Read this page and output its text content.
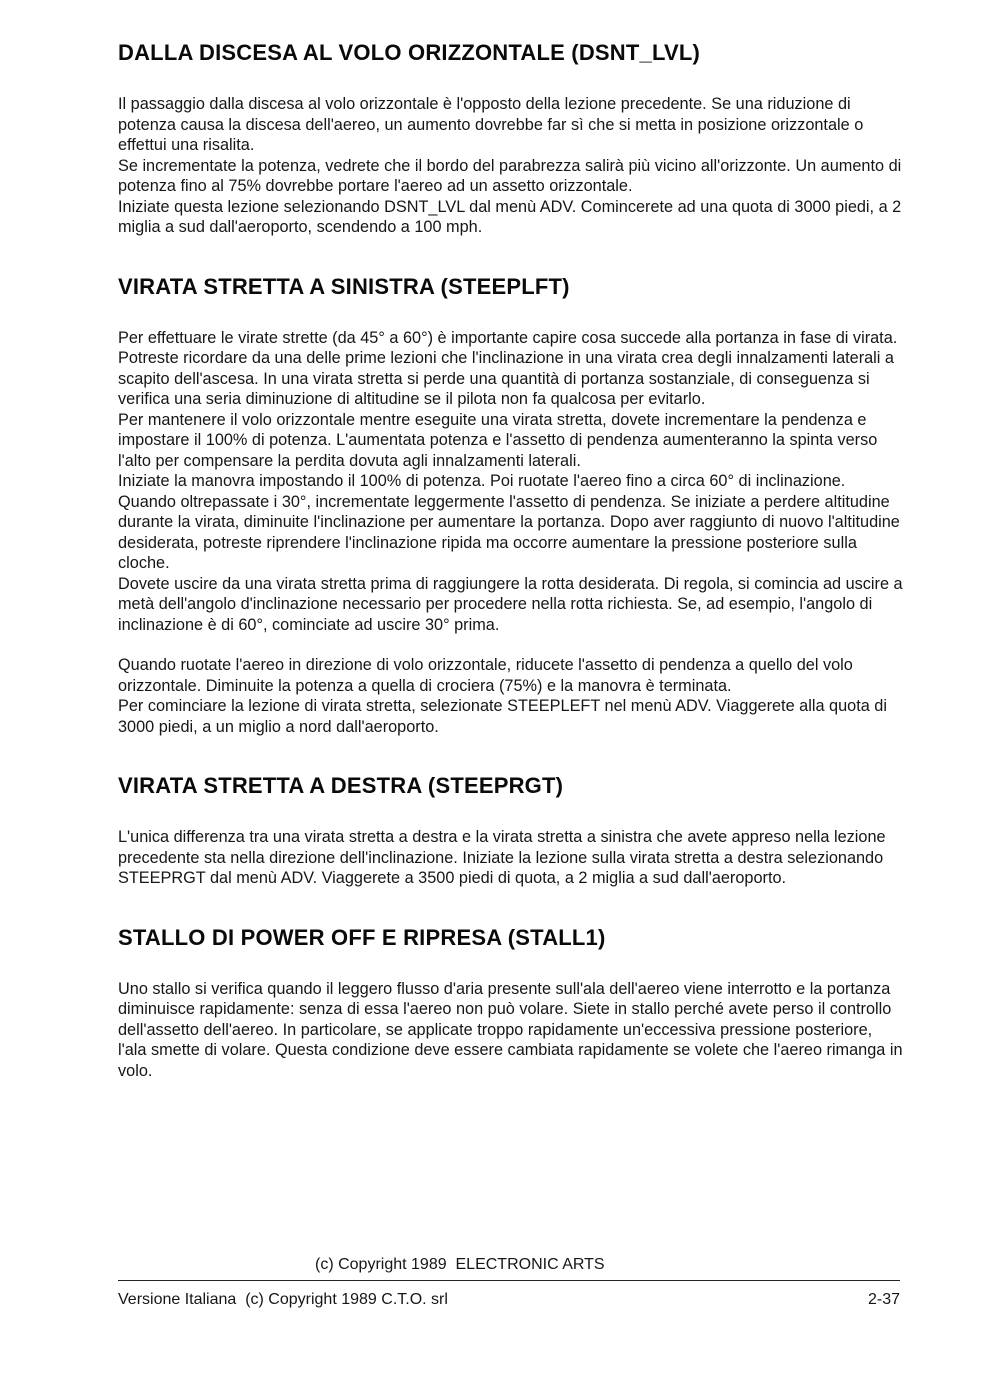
DALLA DISCESA AL VOLO ORIZZONTALE (DSNT_LVL)

Il passaggio dalla discesa al volo orizzontale è l'opposto della lezione precedente. Se una riduzione di potenza causa la discesa dell'aereo, un aumento dovrebbe far sì che si metta in posizione orizzontale o effettui una risalita.

Se incrementate la potenza, vedrete che il bordo del parabrezza salirà più vicino all'orizzonte. Un aumento di potenza fino al 75% dovrebbe portare l'aereo ad un assetto orizzontale.

Iniziate questa lezione selezionando DSNT_LVL dal menù ADV. Comincerete ad una quota di 3000 piedi, a 2 miglia a sud dall'aeroporto, scendendo a 100 mph.

VIRATA STRETTA A SINISTRA (STEEPLFT)

Per effettuare le virate strette (da 45° a 60°) è importante capire cosa succede alla portanza in fase di virata. Potreste ricordare da una delle prime lezioni che l'inclinazione in una virata crea degli innalzamenti laterali a scapito dell'ascesa. In una virata stretta si perde una quantità di portanza sostanziale, di conseguenza si verifica una seria diminuzione di altitudine se il pilota non fa qualcosa per evitarlo.

Per mantenere il volo orizzontale mentre eseguite una virata stretta, dovete incrementare la pendenza e impostare il 100% di potenza. L'aumentata potenza e l'assetto di pendenza aumenteranno la spinta verso l'alto per compensare la perdita dovuta agli innalzamenti laterali.

Iniziate la manovra impostando il 100% di potenza. Poi ruotate l'aereo fino a circa 60° di inclinazione. Quando oltrepassate i 30°, incrementate leggermente l'assetto di pendenza. Se iniziate a perdere altitudine durante la virata, diminuite l'inclinazione per aumentare la portanza. Dopo aver raggiunto di nuovo l'altitudine desiderata, potreste riprendere l'inclinazione ripida ma occorre aumentare la pressione posteriore sulla cloche.

Dovete uscire da una virata stretta prima di raggiungere la rotta desiderata. Di regola, si comincia ad uscire a metà dell'angolo d'inclinazione necessario per procedere nella rotta richiesta. Se, ad esempio, l'angolo di inclinazione è di 60°, cominciate ad uscire 30° prima.

Quando ruotate l'aereo in direzione di volo orizzontale, riducete l'assetto di pendenza a quello del volo orizzontale. Diminuite la potenza a quella di crociera (75%) e la manovra è terminata.

Per cominciare la lezione di virata stretta, selezionate STEEPLEFT nel menù ADV. Viaggerete alla quota di 3000 piedi, a un miglio a nord dall'aeroporto.

VIRATA STRETTA A DESTRA (STEEPRGT)

L'unica differenza tra una virata stretta a destra e la virata stretta a sinistra che avete appreso nella lezione precedente sta nella direzione dell'inclinazione. Iniziate la lezione sulla virata stretta a destra selezionando STEEPRGT dal menù ADV. Viaggerete a 3500 piedi di quota, a 2 miglia a sud dall'aeroporto.

STALLO DI POWER OFF E RIPRESA (STALL1)

Uno stallo si verifica quando il leggero flusso d'aria presente sull'ala dell'aereo viene interrotto e la portanza diminuisce rapidamente: senza di essa l'aereo non può volare. Siete in stallo perché avete perso il controllo dell'assetto dell'aereo. In particolare, se applicate troppo rapidamente un'eccessiva pressione posteriore, l'ala smette di volare. Questa condizione deve essere cambiata rapidamente se volete che l'aereo rimanga in volo.

(c) Copyright 1989  ELECTRONIC ARTS
Versione Italiana  (c) Copyright 1989 C.T.O. srl	2-37
